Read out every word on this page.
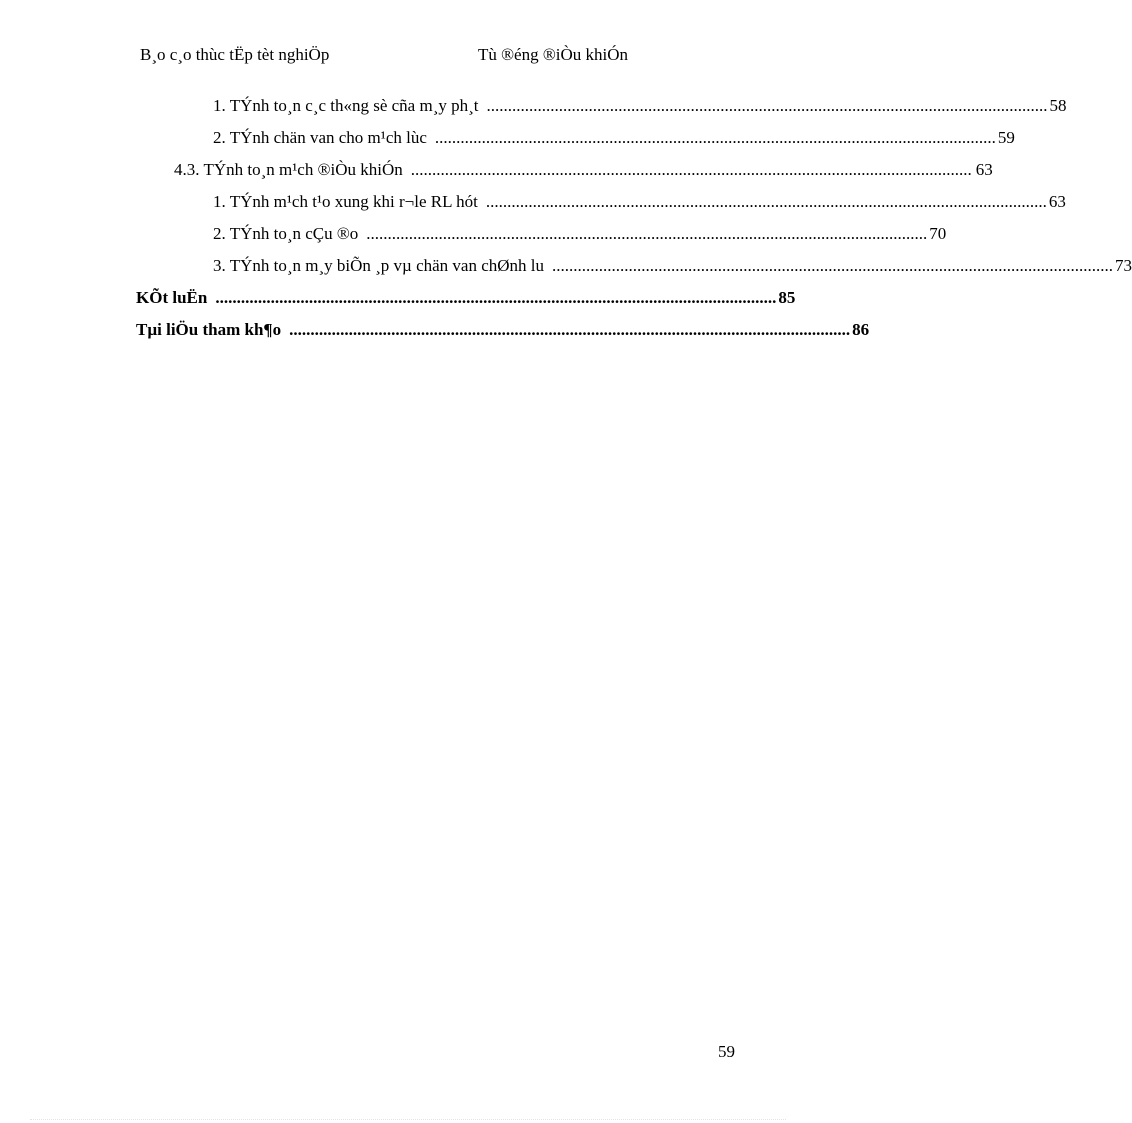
B¸o c¸o thùc tËp tèt nghiÖp	Tù ®éng ®iÒu khiÓn
1. TÝnh to¸n c¸c th«ng sè cña m¸y ph¸t .................................................................................................................................... 58
2. TÝnh chän van cho m¹ch lùc .................................................................................................................................... 59
4.3. TÝnh to¸n m¹ch ®iÒu khiÓn .................................................................................................................................... 63
1. TÝnh m¹ch t¹o xung khi r¬le RL hót .................................................................................................................................... 63
2. TÝnh to¸n cÇu ®o .................................................................................................................................... 70
3. TÝnh to¸n m¸y biÕn ¸p vµ chän van chØnh lu .................................................................................................................................... 73
KÕt luËn .................................................................................................................................... 85
Tµi liÖu tham kh¶o .................................................................................................................................... 86
59
